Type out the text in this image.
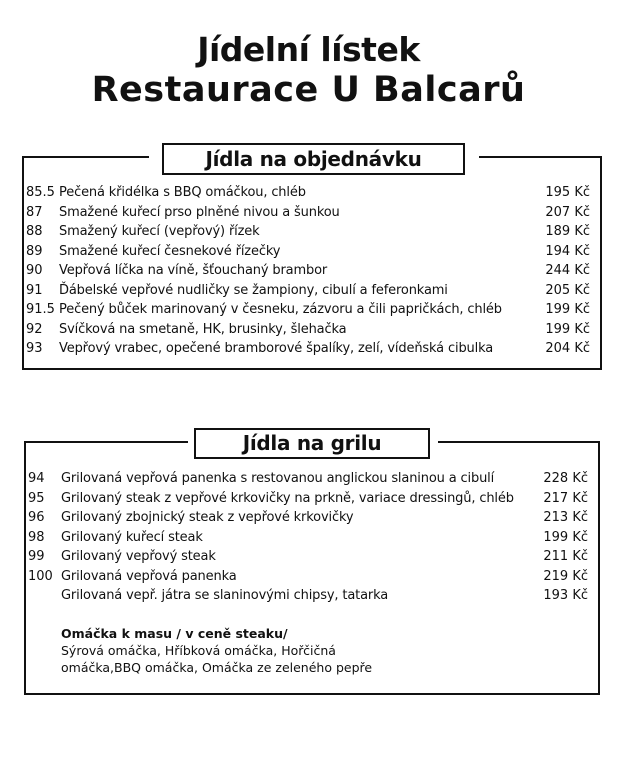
Jídelní lístek
Restaurace U Balcarů
Jídla na objednávku
85.5 Pečená křidélka s BBQ omáčkou, chléb	195 Kč
87 Smažené kuřecí prso plněné nivou a šunkou	207 Kč
88 Smažený kuřecí (vepřový) řízek	189 Kč
89 Smažené kuřecí česnekové řízečky	194 Kč
90 Vepřová líčka na víně, šťouchaný brambor	244 Kč
91 Ďábelské vepřové nudličky se žampiony, cibulí a feferonkami	205 Kč
91.5 Pečený bůček marinovaný v česneku, zázvoru a čili papričkách, chléb	199 Kč
92 Svíčková na smetaně, HK, brusinky, šlehačka	199 Kč
93 Vepřový vrabec, opečené bramborové špalíky, zelí, vídeňská cibulka	204 Kč
Jídla na grilu
94 Grilovaná vepřová panenka s restovanou anglickou slaninou a cibulí	228 Kč
95 Grilovaný steak z vepřové krkovičky na prkně, variace dressingů, chléb 217 Kč
96 Grilovaný zbojnický steak z vepřové krkovičky	213 Kč
98 Grilovaný kuřecí steak	199 Kč
99 Grilovaný vepřový steak	211 Kč
100 Grilovaná vepřová panenka	219 Kč
Grilovaná vepř. játra se slaninovými chipsy, tatarka	193 Kč
Omáčka k masu / v ceně steaku/
Sýrová omáčka, Hříbková omáčka, Hořčičná
omáčka,BBQ omáčka, Omáčka ze zeleného pepře
